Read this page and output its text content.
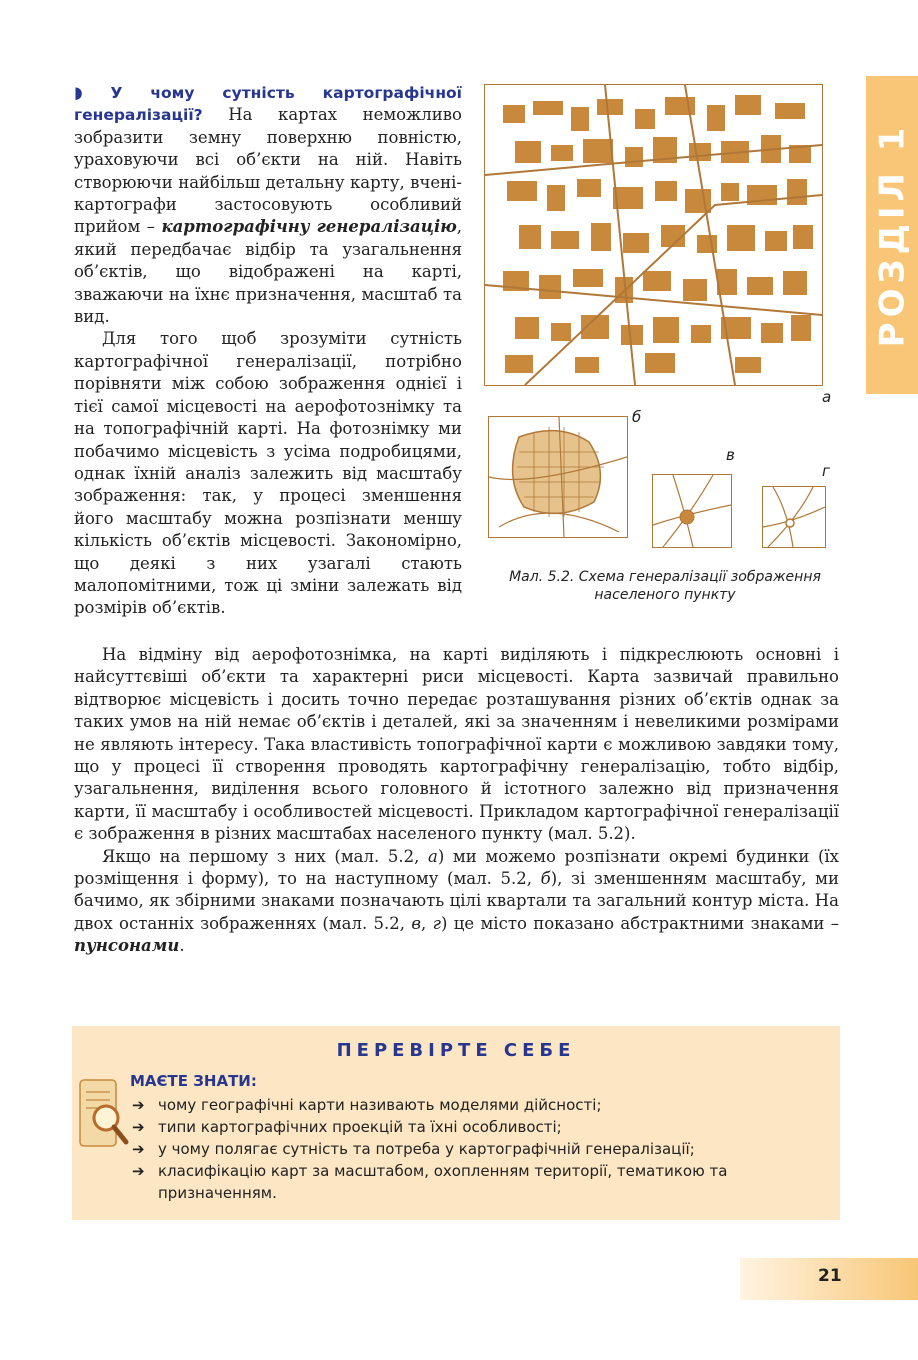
РОЗДІЛ 1

◗ У чому сутність картографічної генералізації? На картах неможливо зобразити земну поверхню повністю, ураховуючи всі об’єкти на ній. Навіть створюючи найбільш детальну карту, вчені-картографи застосовують особливий прийом – картографічну генералізацію, який передбачає відбір та узагальнення об’єктів, що відображені на карті, зважаючи на їхнє призначення, масштаб та вид.

Для того щоб зрозуміти сутність картографічної генералізації, потрібно порівняти між собою зображення однієї і тієї самої місцевості на аерофотознімку та на топографічній карті. На фотознімку ми побачимо місцевість з усіма подробицями, однак їхній аналіз залежить від масштабу зображення: так, у процесі зменшення його масштабу можна розпізнати меншу кількість об’єктів місцевості. Закономірно, що деякі з них узагалі стають малопомітними, тож ці зміни залежать від розмірів об’єктів.

а
б
в
г
Мал. 5.2. Схема генералізації зображення населеного пункту

На відміну від аерофотознімка, на карті виділяють і підкреслюють основні і найсуттєвіші об’єкти та характерні риси місцевості. Карта зазвичай правильно відтворює місцевість і досить точно передає розташування різних об’єктів однак за таких умов на ній немає об’єктів і деталей, які за значенням і невеликими розмірами не являють інтересу. Така властивість топографічної карти є можливою завдяки тому, що у процесі її створення проводять картографічну генералізацію, тобто відбір, узагальнення, виділення всього головного й істотного залежно від призначення карти, її масштабу і особливостей місцевості. Прикладом картографічної генералізації є зображення в різних масштабах населеного пункту (мал. 5.2).

Якщо на першому з них (мал. 5.2, а) ми можемо розпізнати окремі будинки (їх розміщення і форму), то на наступному (мал. 5.2, б), зі зменшенням масштабу, ми бачимо, як збірними знаками позначають цілі квартали та загальний контур міста. На двох останніх зображеннях (мал. 5.2, в, г) це місто показано абстрактними знаками – пунсонами.

ПЕРЕВІРТЕ СЕБЕ
МАЄТЕ ЗНАТИ:
➔ чому географічні карти називають моделями дійсності;
➔ типи картографічних проекцій та їхні особливості;
➔ у чому полягає сутність та потреба у картографічній генералізації;
➔ класифікацію карт за масштабом, охопленням території, тематикою та призначенням.
21
